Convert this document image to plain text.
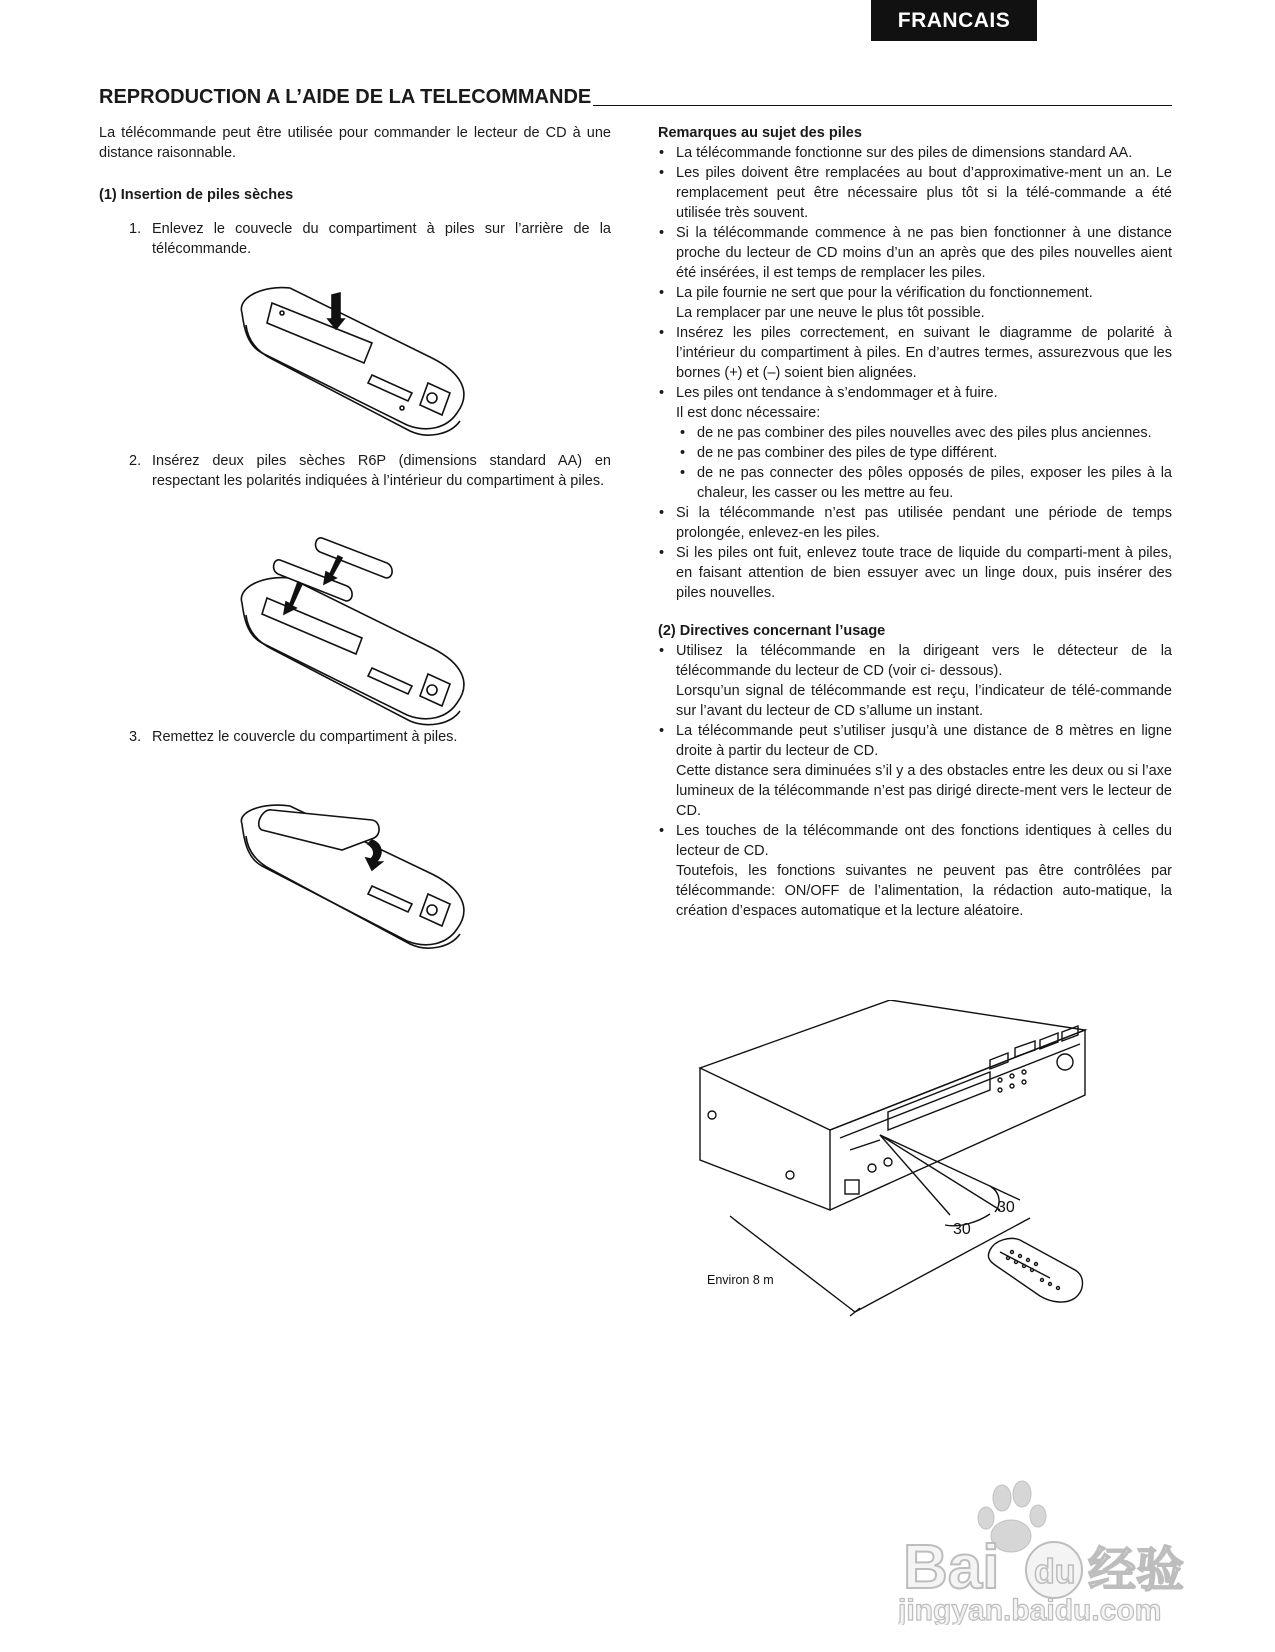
FRANCAIS
REPRODUCTION A L’AIDE DE LA TELECOMMANDE

La télécommande peut être utilisée pour commander le lecteur de CD à une distance raisonnable.

(1) Insertion de piles sèches

1. Enlevez le couvecle du compartiment à piles sur l’arrière de la télécommande.
2. Insérez deux piles sèches R6P (dimensions standard AA) en respectant les polarités indiquées à l’intérieur du compartiment à piles.
3. Remettez le couvercle du compartiment à piles.

Remarques au sujet des piles

• La télécommande fonctionne sur des piles de dimensions standard AA.
• Les piles doivent être remplacées au bout d’approximative-ment un an. Le remplacement peut être nécessaire plus tôt si la télé-commande a été utilisée très souvent.
• Si la télécommande commence à ne pas bien fonctionner à une distance proche du lecteur de CD moins d’un an après que des piles nouvelles aient été insérées, il est temps de remplacer les piles.
• La pile fournie ne sert que pour la vérification du fonctionnement.
La remplacer par une neuve le plus tôt possible.
• Insérez les piles correctement, en suivant le diagramme de polarité à l’intérieur du compartiment à piles. En d’autres termes, assurezvous que les bornes (+) et (–) soient bien alignées.
• Les piles ont tendance à s’endommager et à fuire.
Il est donc nécessaire:
• de ne pas combiner des piles nouvelles avec des piles plus anciennes.
• de ne pas combiner des piles de type différent.
• de ne pas connecter des pôles opposés de piles, exposer les piles à la chaleur, les casser ou les mettre au feu.
• Si la télécommande n’est pas utilisée pendant une période de temps prolongée, enlevez-en les piles.
• Si les piles ont fuit, enlevez toute trace de liquide du comparti-ment à piles, en faisant attention de bien essuyer avec un linge doux, puis insérer des piles nouvelles.

(2) Directives concernant l’usage

• Utilisez la télécommande en la dirigeant vers le détecteur de la télécommande du lecteur de CD (voir ci- dessous).
Lorsqu’un signal de télécommande est reçu, l’indicateur de télé-commande sur l’avant du lecteur de CD s’allume un instant.
• La télécommande peut s’utiliser jusqu’à une distance de 8 mètres en ligne droite à partir du lecteur de CD.
Cette distance sera diminuées s’il y a des obstacles entre les deux ou si l’axe lumineux de la télécommande n’est pas dirigé directe-ment vers le lecteur de CD.
• Les touches de la télécommande ont des fonctions identiques à celles du lecteur de CD.
Toutefois, les fonctions suivantes ne peuvent pas être contrôlées par télécommande: ON/OFF de l’alimentation, la rédaction auto-matique, la création d’espaces automatique et la lecture aléatoire.
30
30
Environ 8 m
Bai du 经验
jingyan.baidu.com
